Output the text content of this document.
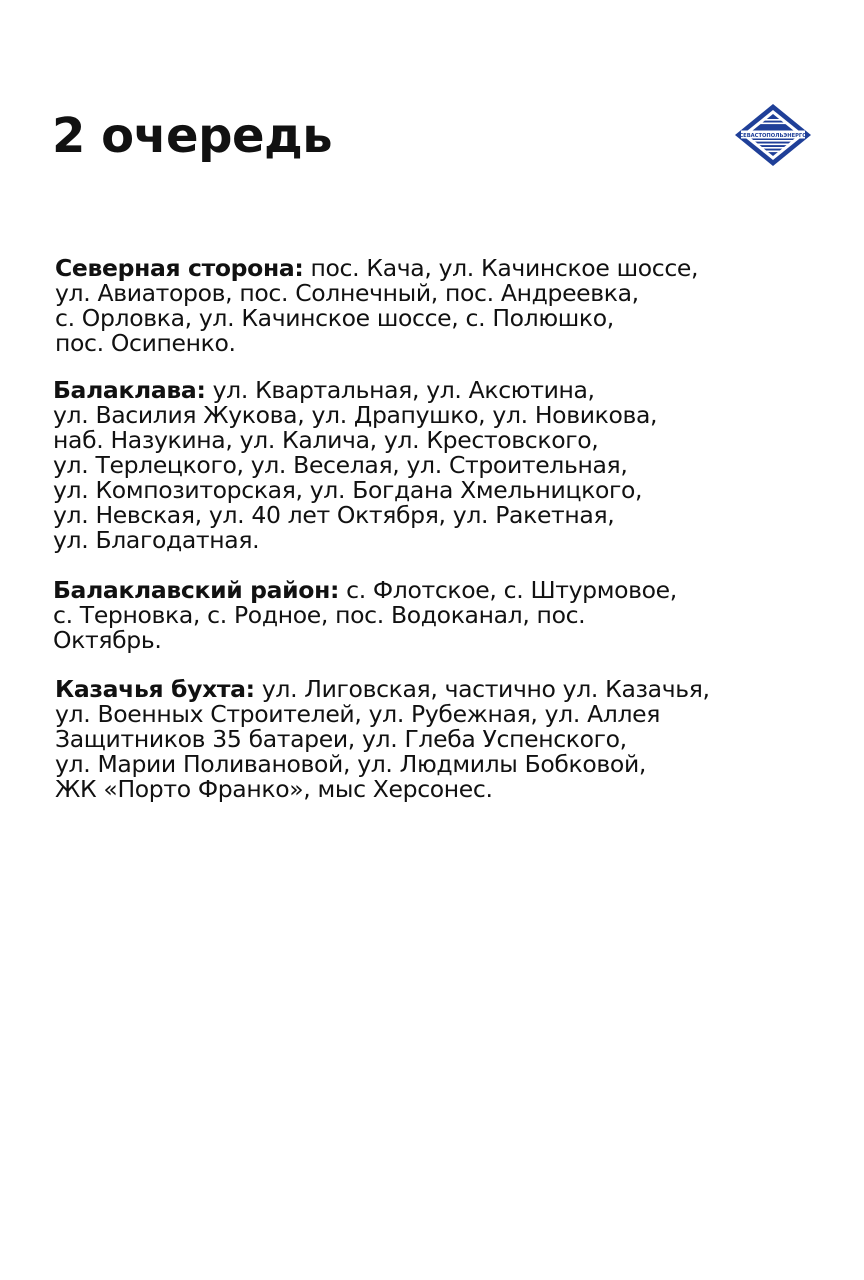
2 очередь	СЕВАСТОПОЛЬЭНЕРГО

Северная сторона: пос. Кача, ул. Качинское шоссе,
ул. Авиаторов, пос. Солнечный, пос. Андреевка,
с. Орловка, ул. Качинское шоссе, с. Полюшко,
пос. Осипенко.

Балаклава: ул. Квартальная, ул. Аксютина,
ул. Василия Жукова, ул. Драпушко, ул. Новикова,
наб. Назукина, ул. Калича, ул. Крестовского,
ул. Терлецкого, ул. Веселая, ул. Строительная,
ул. Композиторская, ул. Богдана Хмельницкого,
ул. Невская, ул. 40 лет Октября, ул. Ракетная,
ул. Благодатная.

Балаклавский район: с. Флотское, с. Штурмовое,
с. Терновка, с. Родное, пос. Водоканал, пос.
Октябрь.

Казачья бухта: ул. Лиговская, частично ул. Казачья,
ул. Военных Строителей, ул. Рубежная, ул. Аллея
Защитников 35 батареи, ул. Глеба Успенского,
ул. Марии Поливановой, ул. Людмилы Бобковой,
ЖК «Порто Франко», мыс Херсонес.
